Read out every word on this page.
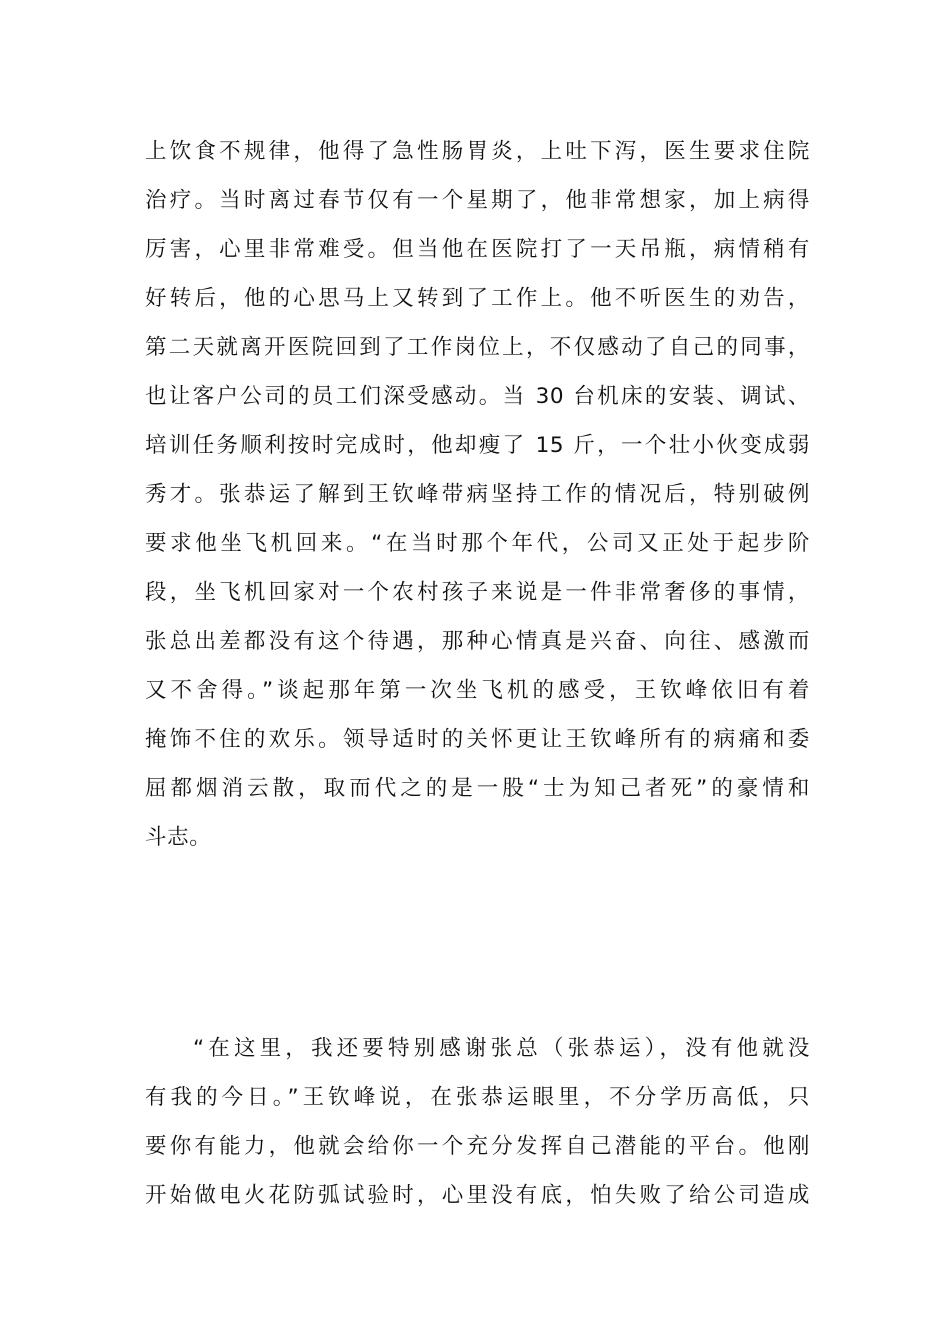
上饮食不规律，他得了急性肠胃炎，上吐下泻，医生要求住院
治疗。当时离过春节仅有一个星期了，他非常想家，加上病得
厉害，心里非常难受。但当他在医院打了一天吊瓶，病情稍有
好转后，他的心思马上又转到了工作上。他不听医生的劝告，
第二天就离开医院回到了工作岗位上，不仅感动了自己的同事，
也让客户公司的员工们深受感动。当 30 台机床的安装、调试、
培训任务顺利按时完成时，他却瘦了 15 斤，一个壮小伙变成弱
秀才。张恭运了解到王钦峰带病坚持工作的情况后，特别破例
要求他坐飞机回来。“在当时那个年代，公司又正处于起步阶
段，坐飞机回家对一个农村孩子来说是一件非常奢侈的事情，
张总出差都没有这个待遇，那种心情真是兴奋、向往、感激而
又不舍得。”谈起那年第一次坐飞机的感受，王钦峰依旧有着
掩饰不住的欢乐。领导适时的关怀更让王钦峰所有的病痛和委
屈都烟消云散，取而代之的是一股“士为知己者死”的豪情和
斗志。
“在这里，我还要特别感谢张总（张恭运），没有他就没
有我的今日。”王钦峰说，在张恭运眼里，不分学历高低，只
要你有能力，他就会给你一个充分发挥自己潜能的平台。他刚
开始做电火花防弧试验时，心里没有底，怕失败了给公司造成
